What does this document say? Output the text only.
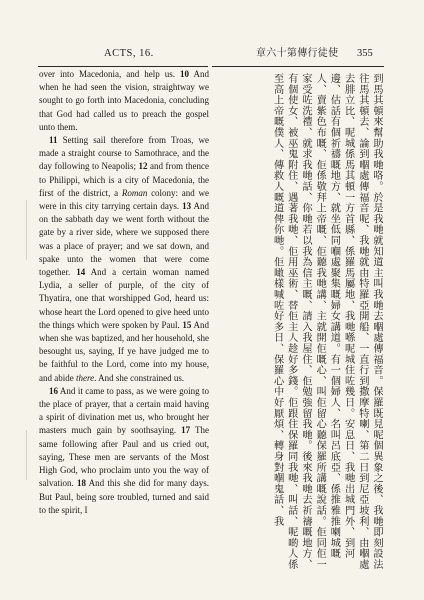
ACTS, 16.	章六十第傳行徒使 355

over into Macedonia, and help us. 10 And when he had seen the vision, straightway we sought to go forth into Macedonia, concluding that God had called us to preach the gospel unto them.

11 Setting sail therefore from Troas, we made a straight course to Samothrace, and the day following to Neapolis; 12 and from thence to Philippi, which is a city of Macedonia, the first of the district, a Roman colony: and we were in this city tarrying certain days. 13 And on the sabbath day we went forth without the gate by a river side, where we supposed there was a place of prayer; and we sat down, and spake unto the women that were come together. 14 And a certain woman named Lydia, a seller of purple, of the city of Thyatira, one that worshipped God, heard us: whose heart the Lord opened to give heed unto the things which were spoken by Paul. 15 And when she was baptized, and her household, she besought us, saying, If ye have judged me to be faithful to the Lord, come into my house, and abide there. And she constrained us.

16 And it came to pass, as we were going to the place of prayer, that a certain maid having a spirit of divination met us, who brought her masters much gain by soothsaying. 17 The same following after Paul and us cried out, saying, These men are servants of the Most High God, who proclaim unto you the way of salvation. 18 And this she did for many days. But Paul, being sore troubled, turned and said to the spirit, I

到馬其頓來幫助我哋咯。於是我哋就知道主叫我哋去嗰處傳福音。保羅既見呢個異象之後、我哋即刻設法往馬其頓去、論到嗰處傳福音呢、我哋就由特羅亞開船、一直行到撒摩特喇、第二日到尼亞坡利、由嗰處去腓立比、呢城係馬其頓一方首縣、係羅馬屬地、我哋喺呢城住咗幾日。安息日、我哋出城門外、到河邊、估話有個祈禱嘅地方、就坐低同嗰處聚集嘅婦女講道。有一個婦人、名叫呂底亞、係推雅推喇城嘅人、賣紫色布嘅、佢係敬拜上帝嘅、佢聽我哋講、主就開佢嘅心、叫佢留心聽保羅所講嘅說話。佢同佢一家受咗洗禮、就求我哋話、你哋若以我為信主嘅、請入我屋住、佢勉強留我哋。後來我哋去祈禱嘅地方、有個使女、被巫鬼附住、遇著我哋、佢用巫術、替佢主人趁好多錢。佢跟住保羅同我哋、叫話、呢啲人係至高上帝嘅僕人、傳救人嘅道俾你哋。佢噉樣喊咗好多日、保羅心中好厭煩、轉身對嗰鬼話、我
